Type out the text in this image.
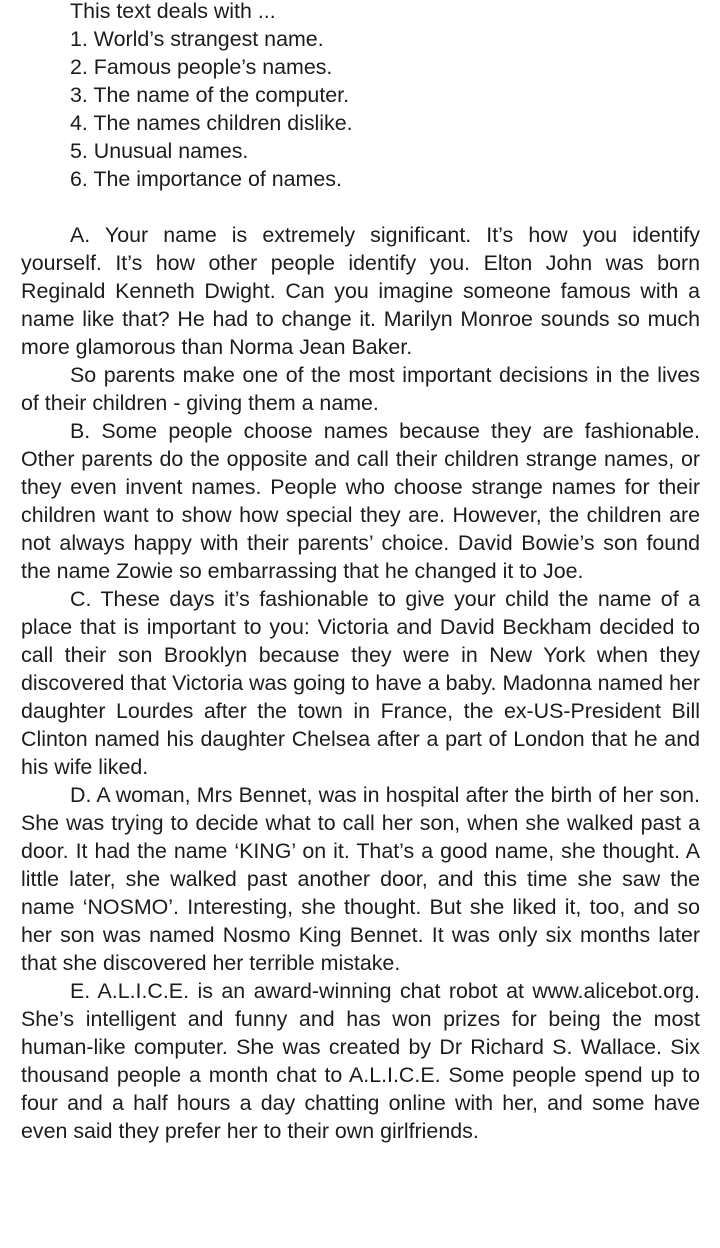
This text deals with ...
1. World’s strangest name.
2. Famous people’s names.
3. The name of the computer.
4. The names children dislike.
5. Unusual names.
6. The importance of names.

A. Your name is extremely significant. It’s how you identify yourself. It’s how other people identify you. Elton John was born Reginald Kenneth Dwight. Can you imagine someone famous with a name like that? He had to change it. Marilyn Monroe sounds so much more glamorous than Norma Jean Baker.

So parents make one of the most important decisions in the lives of their children - giving them a name.

B. Some people choose names because they are fashionable. Other parents do the opposite and call their children strange names, or they even invent names. People who choose strange names for their children want to show how special they are. However, the children are not always happy with their parents’ choice. David Bowie’s son found the name Zowie so embarrassing that he changed it to Joe.

C. These days it’s fashionable to give your child the name of a place that is important to you: Victoria and David Beckham decided to call their son Brooklyn because they were in New York when they discovered that Victoria was going to have a baby. Madonna named her daughter Lourdes after the town in France, the ex-US-President Bill Clinton named his daughter Chelsea after a part of London that he and his wife liked.

D. A woman, Mrs Bennet, was in hospital after the birth of her son. She was trying to decide what to call her son, when she walked past a door. It had the name ‘KING’ on it. That’s a good name, she thought. A little later, she walked past another door, and this time she saw the name ‘NOSMO’. Interesting, she thought. But she liked it, too, and so her son was named Nosmo King Bennet. It was only six months later that she discovered her terrible mistake.

E. A.L.I.C.E. is an award-winning chat robot at www.alicebot.org. She’s intelligent and funny and has won prizes for being the most human-like computer. She was created by Dr Richard S. Wallace. Six thousand people a month chat to A.L.I.C.E. Some people spend up to four and a half hours a day chatting online with her, and some have even said they prefer her to their own girlfriends.
